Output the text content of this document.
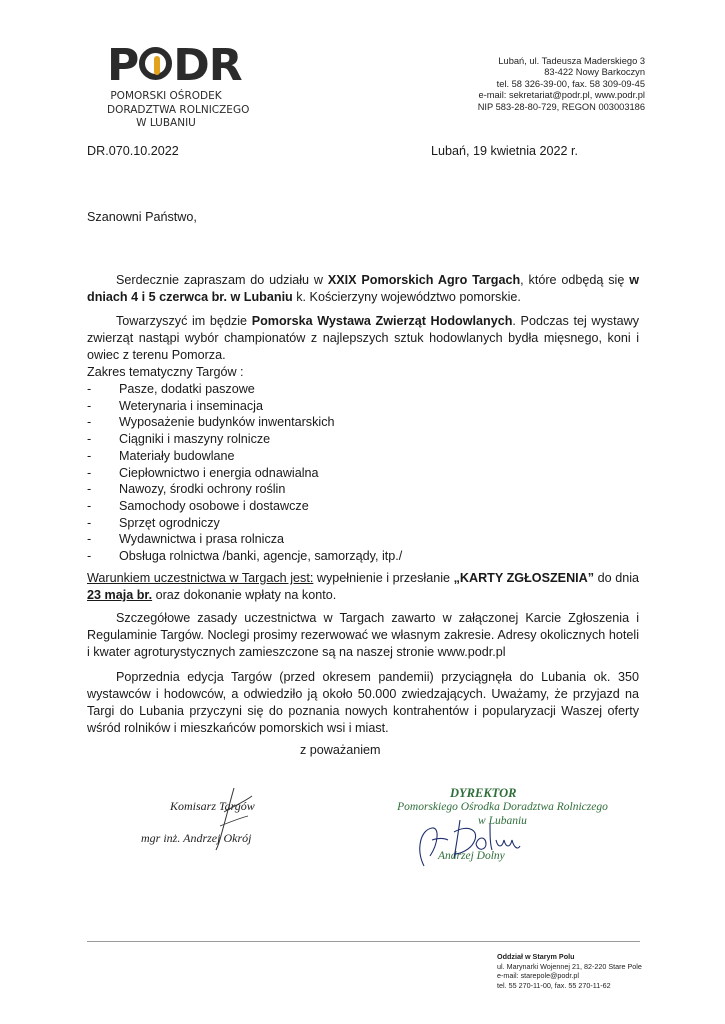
P DR
POMORSKI OŚRODEK
DORADZTWA ROLNICZEGO
W LUBANIU
Lubań, ul. Tadeusza Maderskiego 3
83-422 Nowy Barkoczyn
tel. 58 326-39-00, fax. 58 309-09-45
e-mail: sekretariat@podr.pl, www.podr.pl
NIP 583-28-80-729, REGON 003003186
DR.070.10.2022	Lubań, 19 kwietnia 2022 r.
Szanowni Państwo,
Serdecznie zapraszam do udziału w XXIX Pomorskich Agro Targach, które odbędą się w dniach 4 i 5 czerwca br. w Lubaniu k. Kościerzyny województwo pomorskie.
Towarzyszyć im będzie Pomorska Wystawa Zwierząt Hodowlanych. Podczas tej wystawy zwierząt nastąpi wybór championatów z najlepszych sztuk hodowlanych bydła mięsnego, koni i owiec z terenu Pomorza.
Zakres tematyczny Targów :
- Pasze, dodatki paszowe
- Weterynaria i inseminacja
- Wyposażenie budynków inwentarskich
- Ciągniki i maszyny rolnicze
- Materiały budowlane
- Ciepłownictwo i energia odnawialna
- Nawozy, środki ochrony roślin
- Samochody osobowe i dostawcze
- Sprzęt ogrodniczy
- Wydawnictwa i prasa rolnicza
- Obsługa rolnictwa /banki, agencje, samorządy, itp./
Warunkiem uczestnictwa w Targach jest: wypełnienie i przesłanie „KARTY ZGŁOSZENIA” do dnia 23 maja br. oraz dokonanie wpłaty na konto.
Szczegółowe zasady uczestnictwa w Targach zawarto w załączonej Karcie Zgłoszenia i Regulaminie Targów. Noclegi prosimy rezerwować we własnym zakresie. Adresy okolicznych hoteli i kwater agroturystycznych zamieszczone są na naszej stronie www.podr.pl
Poprzednia edycja Targów (przed okresem pandemii) przyciągnęła do Lubania ok. 350 wystawców i hodowców, a odwiedziło ją około 50.000 zwiedzających. Uważamy, że przyjazd na Targi do Lubania przyczyni się do poznania nowych kontrahentów i popularyzacji Waszej oferty wśród rolników i mieszkańców pomorskich wsi i miast.
z poważaniem
Komisarz Targów
mgr inż. Andrzej Okrój
DYREKTOR
Pomorskiego Ośrodka Doradztwa Rolniczego
w Lubaniu
Andrzej Dolny
Oddział w Starym Polu
ul. Marynarki Wojennej 21, 82-220 Stare Pole
e-mail: starepole@podr.pl
tel. 55 270-11-00, fax. 55 270-11-62
